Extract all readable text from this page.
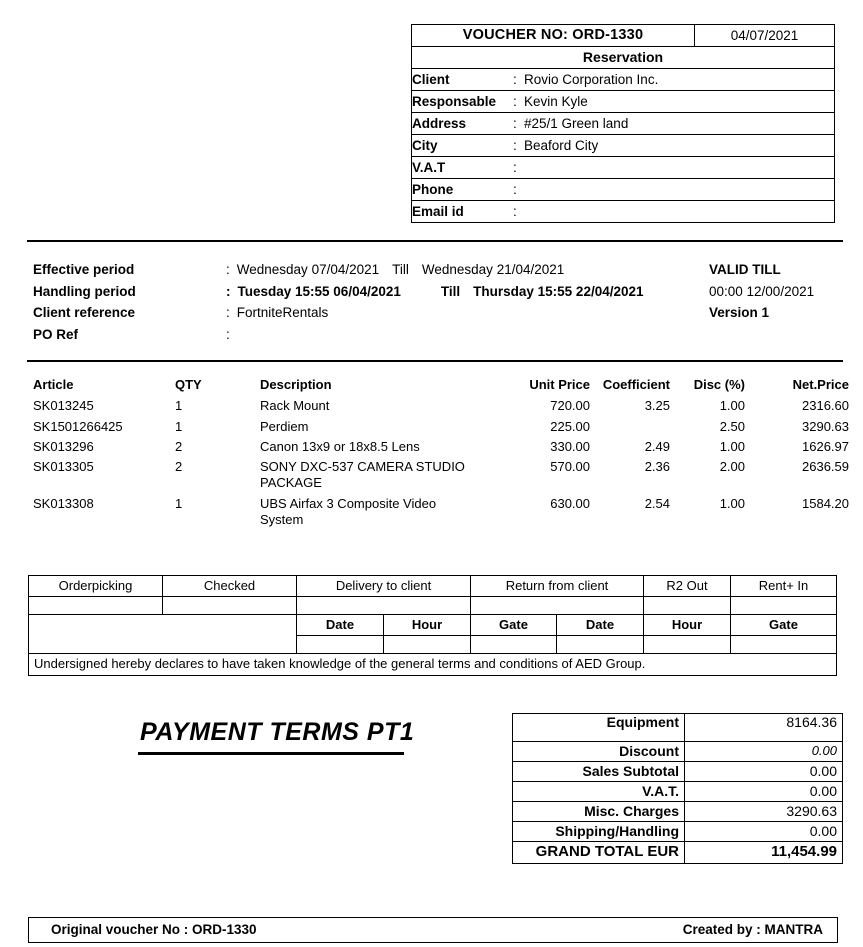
VOUCHER NO: ORD-1330		04/07/2021
Reservation		
Client	: Rovio Corporation Inc.	
Responsable	: Kevin Kyle	
Address	: #25/1 Green land	
City	: Beaford City	
V.A.T	:	
Phone	:	
Email id	:	
Effective period	: Wednesday 07/04/2021 Till Wednesday 21/04/2021	VALID TILL
Handling period	: Tuesday 15:55 06/04/2021	Till Thursday 15:55 22/04/2021	00:00 12/00/2021
Client reference	: FortniteRentals	Version 1
PO Ref	:
Article	QTY	Description	Unit Price	Coefficient	Disc (%)	Net.Price
SK013245	1	Rack Mount	720.00	3.25	1.00	2316.60
SK1501266425	1	Perdiem	225.00		2.50	3290.63
SK013296	2	Canon 13x9 or 18x8.5 Lens	330.00	2.49	1.00	1626.97
SK013305	2	SONY DXC-537 CAMERA STUDIO PACKAGE	570.00	2.36	2.00	2636.59
SK013308	1	UBS Airfax 3 Composite Video System	630.00	2.54	1.00	1584.20
Orderpicking	Checked	Delivery to client		Return from client		R2 Out	Rent+ In

		Date	Hour	Gate	Date	Hour	Gate

Undersigned hereby declares to have taken knowledge of the general terms and conditions of AED Group.							
PAYMENT TERMS PT1	Equipment	8164.36
Discount	0.00
Sales Subtotal	0.00
V.A.T.	0.00
Misc. Charges	3290.63
Shipping/Handling	0.00
GRAND TOTAL EUR	11,454.99
Original voucher No : ORD-1330	Created by : MANTRA
